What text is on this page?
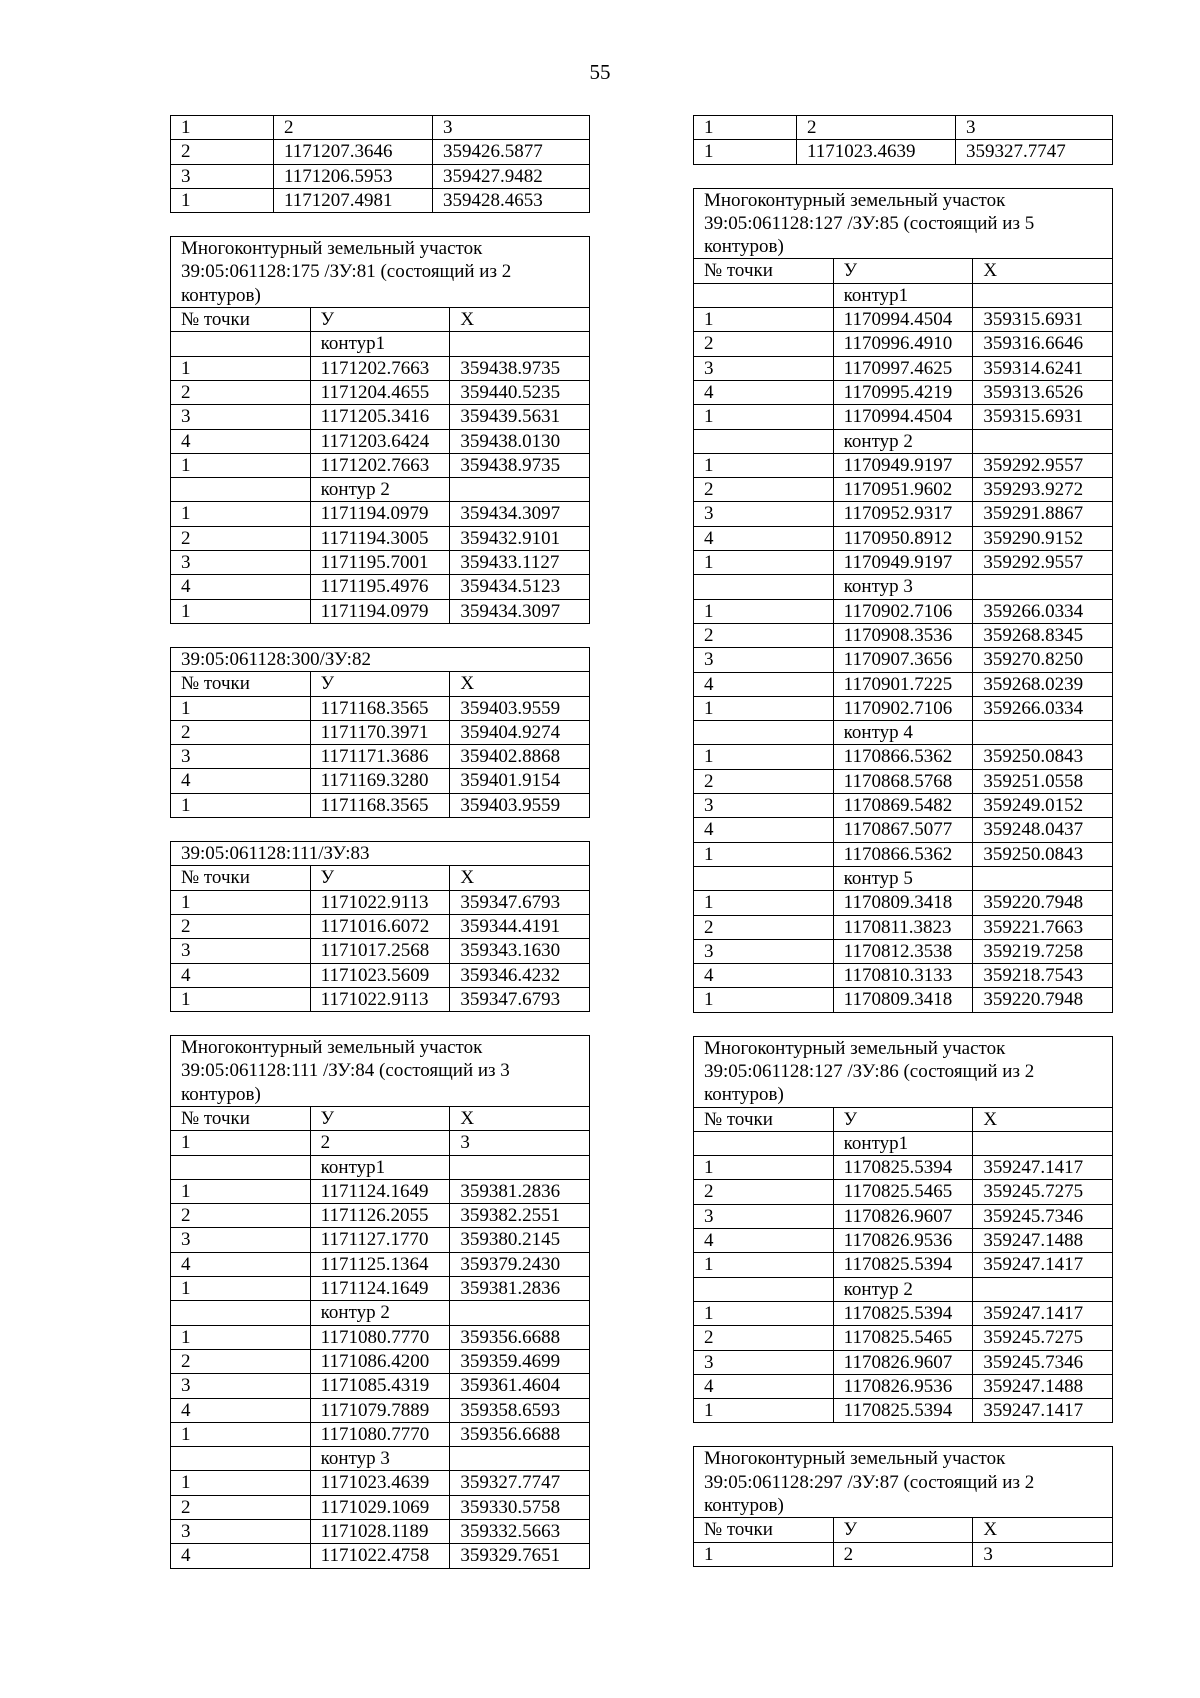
55
1	2	3
2	1171207.3646	359426.5877
3	1171206.5953	359427.9482
1	1171207.4981	359428.4653
Многоконтурный земельный участок 39:05:061128:175 /ЗУ:81 (состоящий из 2 контуров)		
№ точки	У	Х
	контур1	
1	1171202.7663	359438.9735
2	1171204.4655	359440.5235
3	1171205.3416	359439.5631
4	1171203.6424	359438.0130
1	1171202.7663	359438.9735
	контур 2	
1	1171194.0979	359434.3097
2	1171194.3005	359432.9101
3	1171195.7001	359433.1127
4	1171195.4976	359434.5123
1	1171194.0979	359434.3097
39:05:061128:300/ЗУ:82		
№ точки	У	Х
1	1171168.3565	359403.9559
2	1171170.3971	359404.9274
3	1171171.3686	359402.8868
4	1171169.3280	359401.9154
1	1171168.3565	359403.9559
39:05:061128:111/ЗУ:83		
№ точки	У	Х
1	1171022.9113	359347.6793
2	1171016.6072	359344.4191
3	1171017.2568	359343.1630
4	1171023.5609	359346.4232
1	1171022.9113	359347.6793
Многоконтурный земельный участок 39:05:061128:111 /ЗУ:84 (состоящий из 3 контуров)		
№ точки	У	Х
1	2	3
	контур1	
1	1171124.1649	359381.2836
2	1171126.2055	359382.2551
3	1171127.1770	359380.2145
4	1171125.1364	359379.2430
1	1171124.1649	359381.2836
	контур 2	
1	1171080.7770	359356.6688
2	1171086.4200	359359.4699
3	1171085.4319	359361.4604
4	1171079.7889	359358.6593
1	1171080.7770	359356.6688
	контур 3	
1	1171023.4639	359327.7747
2	1171029.1069	359330.5758
3	1171028.1189	359332.5663
4	1171022.4758	359329.7651
1	2	3
1	1171023.4639	359327.7747
Многоконтурный земельный участок 39:05:061128:127 /ЗУ:85 (состоящий из 5 контуров)		
№ точки	У	Х
	контур1	
1	1170994.4504	359315.6931
2	1170996.4910	359316.6646
3	1170997.4625	359314.6241
4	1170995.4219	359313.6526
1	1170994.4504	359315.6931
	контур 2	
1	1170949.9197	359292.9557
2	1170951.9602	359293.9272
3	1170952.9317	359291.8867
4	1170950.8912	359290.9152
1	1170949.9197	359292.9557
	контур 3	
1	1170902.7106	359266.0334
2	1170908.3536	359268.8345
3	1170907.3656	359270.8250
4	1170901.7225	359268.0239
1	1170902.7106	359266.0334
	контур 4	
1	1170866.5362	359250.0843
2	1170868.5768	359251.0558
3	1170869.5482	359249.0152
4	1170867.5077	359248.0437
1	1170866.5362	359250.0843
	контур 5	
1	1170809.3418	359220.7948
2	1170811.3823	359221.7663
3	1170812.3538	359219.7258
4	1170810.3133	359218.7543
1	1170809.3418	359220.7948
Многоконтурный земельный участок 39:05:061128:127 /ЗУ:86 (состоящий из 2 контуров)		
№ точки	У	Х
	контур1	
1	1170825.5394	359247.1417
2	1170825.5465	359245.7275
3	1170826.9607	359245.7346
4	1170826.9536	359247.1488
1	1170825.5394	359247.1417
	контур 2	
1	1170825.5394	359247.1417
2	1170825.5465	359245.7275
3	1170826.9607	359245.7346
4	1170826.9536	359247.1488
1	1170825.5394	359247.1417
Многоконтурный земельный участок 39:05:061128:297 /ЗУ:87 (состоящий из 2 контуров)		
№ точки	У	Х
1	2	3
